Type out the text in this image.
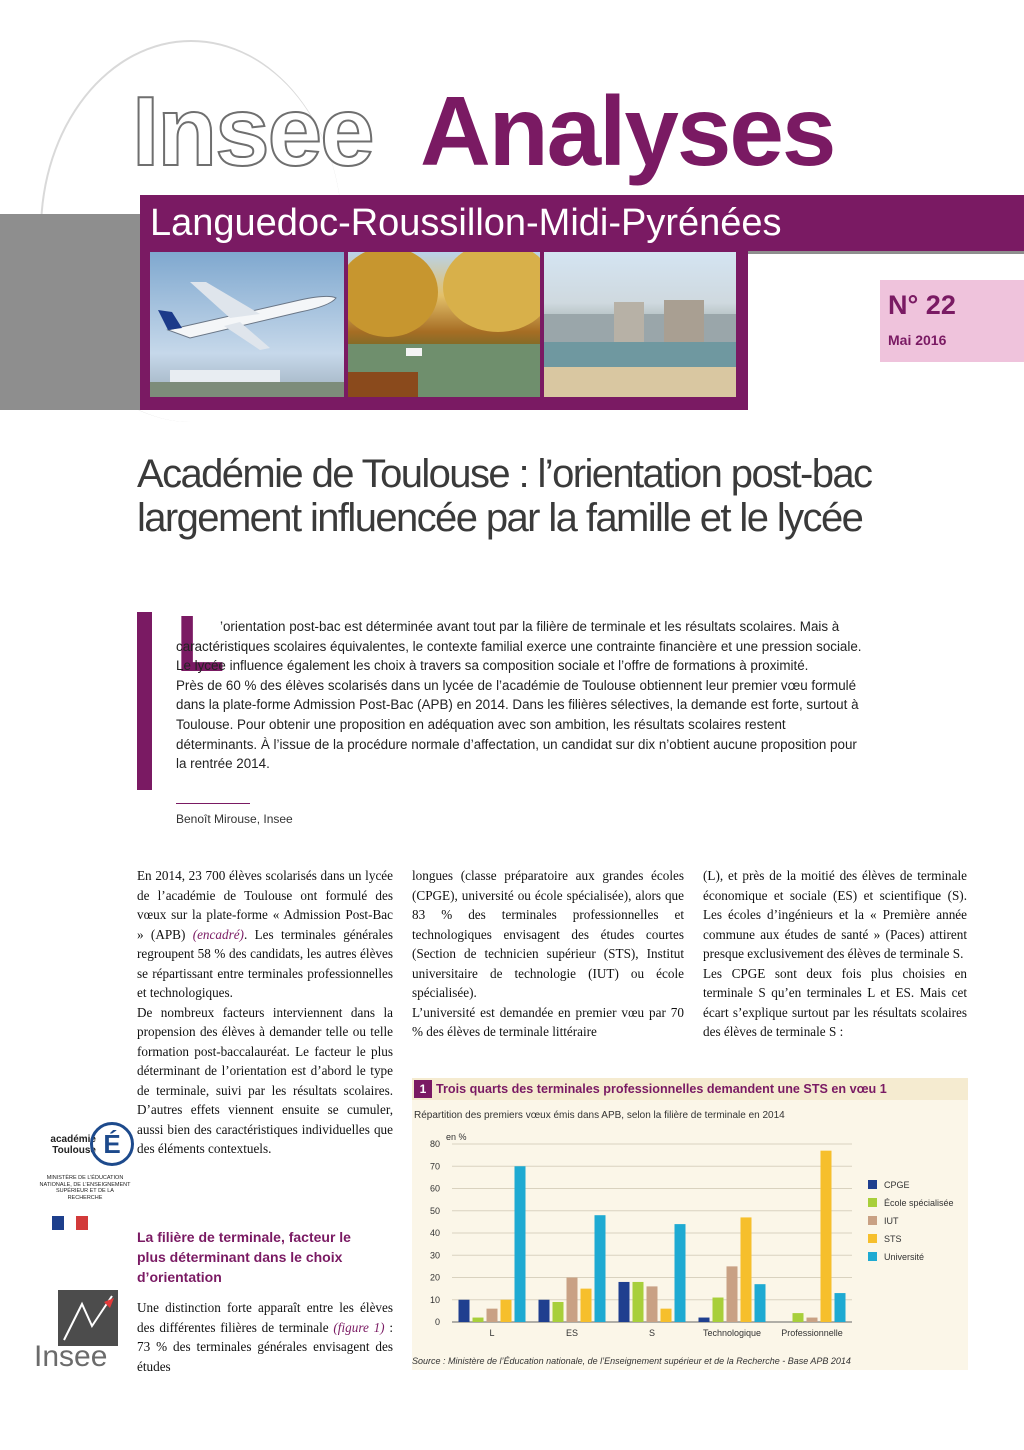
Insee Analyses
Languedoc-Roussillon-Midi-Pyrénées
N° 22
Mai 2016
Académie de Toulouse : l’orientation post-bac largement influencée par la famille et le lycée
L

’orientation post-bac est déterminée avant tout par la filière de terminale et les résultats scolaires. Mais à caractéristiques scolaires équivalentes, le contexte familial exerce une contrainte financière et une pression sociale. Le lycée influence également les choix à travers sa composition sociale et l’offre de formations à proximité.

Près de 60 % des élèves scolarisés dans un lycée de l’académie de Toulouse obtiennent leur premier vœu formulé dans la plate-forme Admission Post-Bac (APB) en 2014. Dans les filières sélectives, la demande est forte, surtout à Toulouse. Pour obtenir une proposition en adéquation avec son ambition, les résultats scolaires restent déterminants. À l’issue de la procédure normale d’affectation, un candidat sur dix n’obtient aucune proposition pour la rentrée 2014.

Benoît Mirouse, Insee

En 2014, 23 700 élèves scolarisés dans un lycée de l’académie de Toulouse ont formulé des vœux sur la plate-forme « Admission Post-Bac » (APB) (encadré). Les terminales générales regroupent 58 % des candidats, les autres élèves se répartissant entre terminales professionnelles et technologiques.

De nombreux facteurs interviennent dans la propension des élèves à demander telle ou telle formation post-baccalauréat. Le facteur le plus déterminant de l’orientation est d’abord le type de terminale, suivi par les résultats scolaires. D’autres effets viennent ensuite se cumuler, aussi bien des caractéristiques individuelles que des éléments contextuels.

La filière de terminale, facteur le plus déterminant dans le choix d’orientation

Une distinction forte apparaît entre les élèves des différentes filières de terminale (figure 1) : 73 % des terminales générales envisagent des études

longues (classe préparatoire aux grandes écoles (CPGE), université ou école spécialisée), alors que 83 % des terminales professionnelles et technologiques envisagent des études courtes (Section de technicien supérieur (STS), Institut universitaire de technologie (IUT) ou école spécialisée).

L’université est demandée en premier vœu par 70 % des élèves de terminale littéraire

(L), et près de la moitié des élèves de terminale économique et sociale (ES) et scientifique (S). Les écoles d’ingénieurs et la « Première année commune aux études de santé » (Paces) attirent presque exclusivement des élèves de terminale S.

Les CPGE sont deux fois plus choisies en terminale S qu’en terminales L et ES. Mais cet écart s’explique surtout par les résultats scolaires des élèves de terminale S :

académie Toulouse É
MINISTÈRE DE L’ÉDUCATION NATIONALE, DE L’ENSEIGNEMENT SUPÉRIEUR ET DE LA RECHERCHE
Insee
1 Trois quarts des terminales professionnelles demandent une STS en vœu 1
Répartition des premiers vœux émis dans APB, selon la filière de terminale en 2014
0
10
20
30
40
50
60
70
80
en %
L	ES	S	Technologique Professionnelle
CPGE
École spécialisée
IUT
STS
Université
Source : Ministère de l’Éducation nationale, de l’Enseignement supérieur et de la Recherche - Base APB 2014
